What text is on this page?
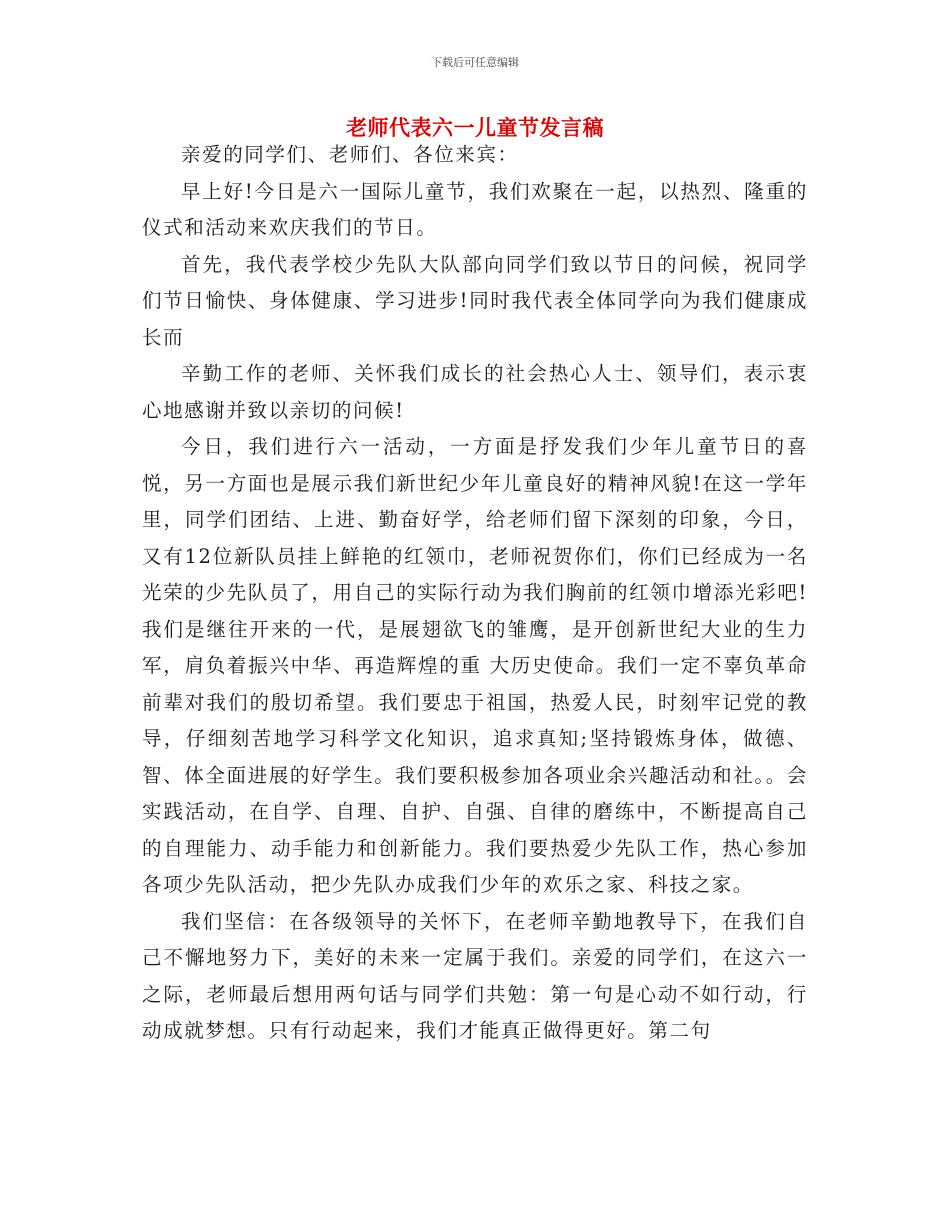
下载后可任意编辑
老师代表六一儿童节发言稿

亲爱的同学们、老师们、各位来宾：

早上好!今日是六一国际儿童节，我们欢聚在一起，以热烈、隆重的仪式和活动来欢庆我们的节日。

首先，我代表学校少先队大队部向同学们致以节日的问候，祝同学们节日愉快、身体健康、学习进步!同时我代表全体同学向为我们健康成长而

辛勤工作的老师、关怀我们成长的社会热心人士、领导们，表示衷心地感谢并致以亲切的问候!

今日，我们进行六一活动，一方面是抒发我们少年儿童节日的喜悦，另一方面也是展示我们新世纪少年儿童良好的精神风貌!在这一学年里，同学们团结、上进、勤奋好学，给老师们留下深刻的印象，今日，又有12位新队员挂上鲜艳的红领巾，老师祝贺你们，你们已经成为一名光荣的少先队员了，用自己的实际行动为我们胸前的红领巾增添光彩吧!我们是继往开来的一代，是展翅欲飞的雏鹰，是开创新世纪大业的生力军，肩负着振兴中华、再造辉煌的重 大历史使命。我们一定不辜负革命前辈对我们的殷切希望。我们要忠于祖国，热爱人民，时刻牢记党的教导，仔细刻苦地学习科学文化知识，追求真知;坚持锻炼身体，做德、智、体全面进展的好学生。我们要积极参加各项业余兴趣活动和社。。会实践活动，在自学、自理、自护、自强、自律的磨练中，不断提高自己的自理能力、动手能力和创新能力。我们要热爱少先队工作，热心参加各项少先队活动，把少先队办成我们少年的欢乐之家、科技之家。

我们坚信：在各级领导的关怀下，在老师辛勤地教导下，在我们自己不懈地努力下，美好的未来一定属于我们。亲爱的同学们，在这六一之际，老师最后想用两句话与同学们共勉：第一句是心动不如行动，行动成就梦想。只有行动起来，我们才能真正做得更好。第二句
